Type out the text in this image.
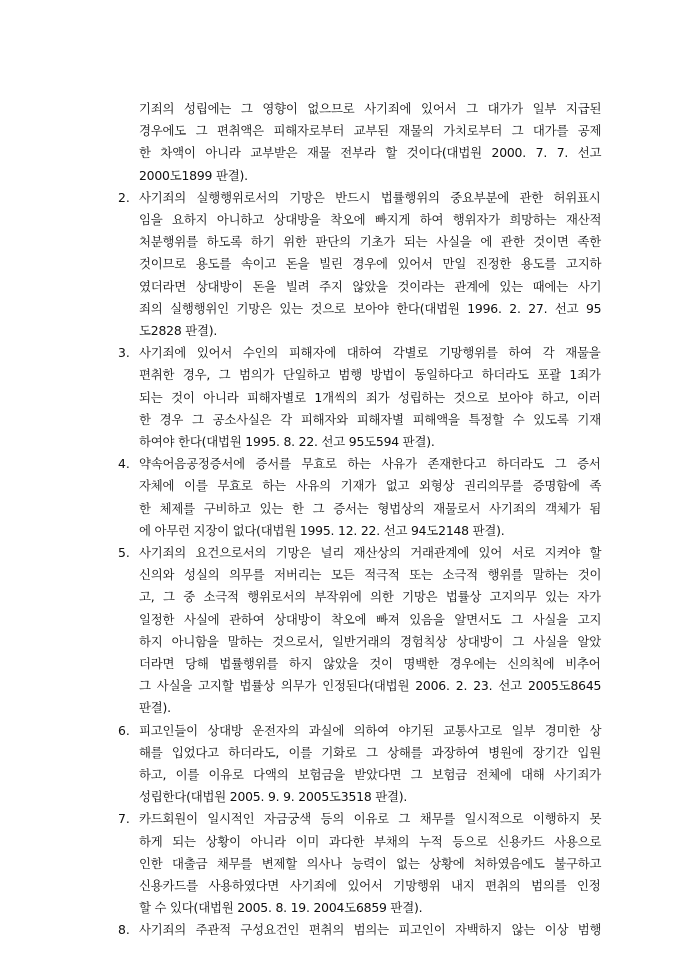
기죄의 성립에는 그 영향이 없으므로 사기죄에 있어서 그 대가가 일부 지급된
경우에도 그 편취액은 피해자로부터 교부된 재물의 가치로부터 그 대가를 공제
한 차액이 아니라 교부받은 재물 전부라 할 것이다(대법원 2000. 7. 7. 선고
2000도1899 판결).
2. 사기죄의 실행행위로서의 기망은 반드시 법률행위의 중요부분에 관한 허위표시
임을 요하지 아니하고 상대방을 착오에 빠지게 하여 행위자가 희망하는 재산적
처분행위를 하도록 하기 위한 판단의 기초가 되는 사실을 에 관한 것이면 족한
것이므로 용도를 속이고 돈을 빌린 경우에 있어서 만일 진정한 용도를 고지하
였더라면 상대방이 돈을 빌려 주지 않았을 것이라는 관계에 있는 때에는 사기
죄의 실행행위인 기망은 있는 것으로 보아야 한다(대법원 1996. 2. 27. 선고 95
도2828 판결).
3. 사기죄에 있어서 수인의 피해자에 대하여 각별로 기망행위를 하여 각 재물을
편취한 경우, 그 범의가 단일하고 범행 방법이 동일하다고 하더라도 포괄 1죄가
되는 것이 아니라 피해자별로 1개씩의 죄가 성립하는 것으로 보아야 하고, 이러
한 경우 그 공소사실은 각 피해자와 피해자별 피해액을 특정할 수 있도록 기재
하여야 한다(대법원 1995. 8. 22. 선고 95도594 판결).
4. 약속어음공정증서에 증서를 무효로 하는 사유가 존재한다고 하더라도 그 증서
자체에 이를 무효로 하는 사유의 기재가 없고 외형상 권리의무를 증명함에 족
한 체제를 구비하고 있는 한 그 증서는 형법상의 재물로서 사기죄의 객체가 됨
에 아무런 지장이 없다(대법원 1995. 12. 22. 선고 94도2148 판결).
5. 사기죄의 요건으로서의 기망은 널리 재산상의 거래관계에 있어 서로 지켜야 할
신의와 성실의 의무를 저버리는 모든 적극적 또는 소극적 행위를 말하는 것이
고, 그 중 소극적 행위로서의 부작위에 의한 기망은 법률상 고지의무 있는 자가
일정한 사실에 관하여 상대방이 착오에 빠져 있음을 알면서도 그 사실을 고지
하지 아니함을 말하는 것으로서, 일반거래의 경험칙상 상대방이 그 사실을 알았
더라면 당해 법률행위를 하지 않았을 것이 명백한 경우에는 신의칙에 비추어
그 사실을 고지할 법률상 의무가 인정된다(대법원 2006. 2. 23. 선고 2005도8645
판결).
6. 피고인들이 상대방 운전자의 과실에 의하여 야기된 교통사고로 일부 경미한 상
해를 입었다고 하더라도, 이를 기화로 그 상해를 과장하여 병원에 장기간 입원
하고, 이를 이유로 다액의 보험금을 받았다면 그 보험금 전체에 대해 사기죄가
성립한다(대법원 2005. 9. 9. 2005도3518 판결).
7. 카드회원이 일시적인 자금궁색 등의 이유로 그 채무를 일시적으로 이행하지 못
하게 되는 상황이 아니라 이미 과다한 부채의 누적 등으로 신용카드 사용으로
인한 대출금 채무를 변제할 의사나 능력이 없는 상황에 처하였음에도 불구하고
신용카드를 사용하였다면 사기죄에 있어서 기망행위 내지 편취의 범의를 인정
할 수 있다(대법원 2005. 8. 19. 2004도6859 판결).
8. 사기죄의 주관적 구성요건인 편취의 범의는 피고인이 자백하지 않는 이상 범행
